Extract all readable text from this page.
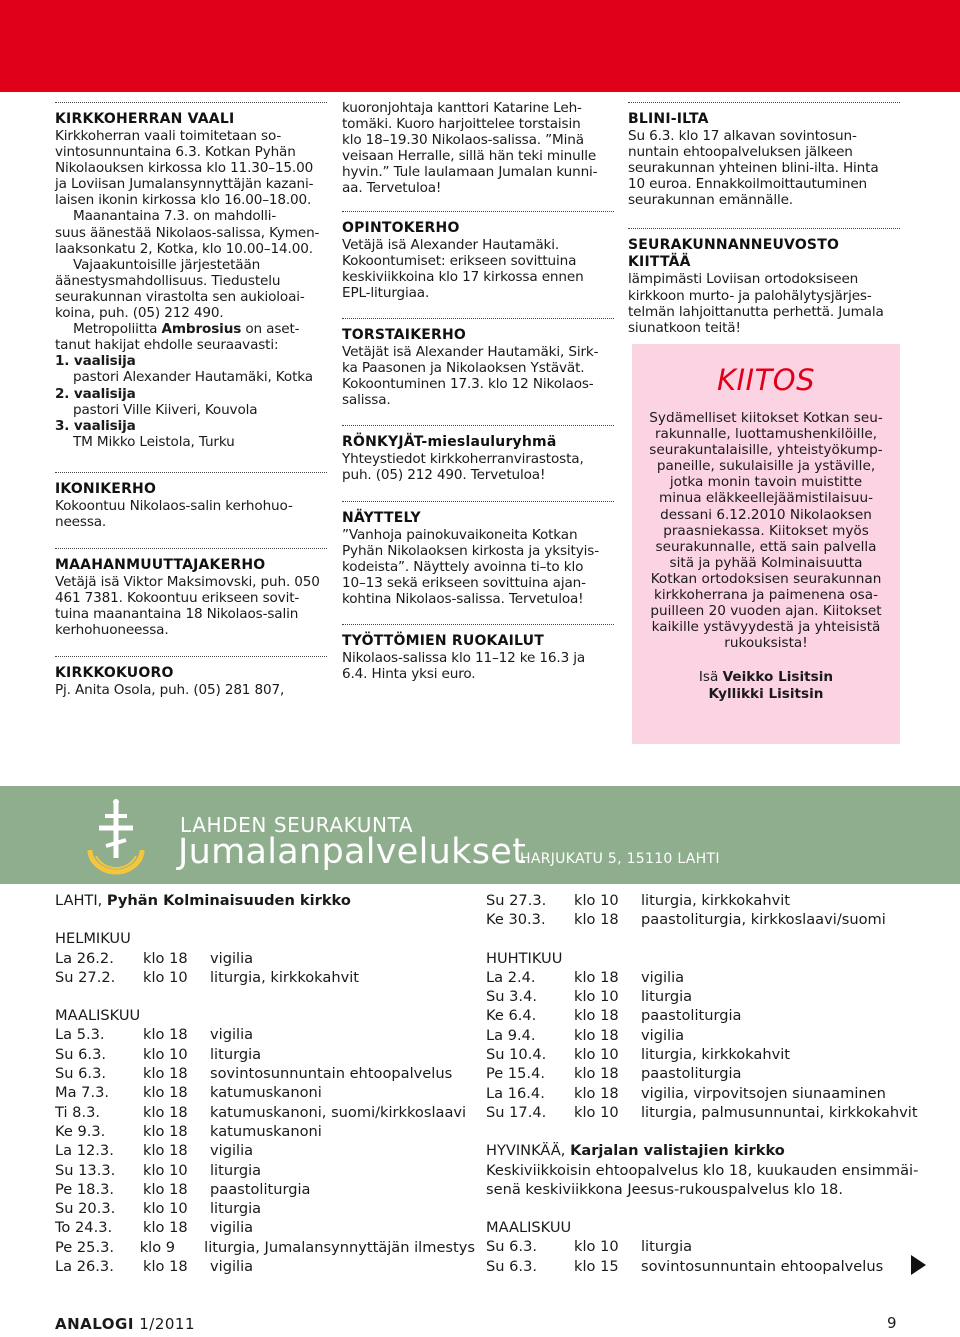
KIRKKOHERRAN VAALI
Kirkkoherran vaali toimitetaan so-
vintosunnuntaina 6.3. Kotkan Pyhän
Nikolaouksen kirkossa klo 11.30–15.00
ja Loviisan Jumalansynnyttäjän kazani-
laisen ikonin kirkossa klo 16.00–18.00.
Maanantaina 7.3. on mahdolli-
suus äänestää Nikolaos-salissa, Kymen-
laaksonkatu 2, Kotka, klo 10.00–14.00.
Vajaakuntoisille järjestetään
äänestysmahdollisuus. Tiedustelu
seurakunnan virastolta sen aukioloai-
koina, puh. (05) 212 490.
Metropoliitta Ambrosius on aset-
tanut hakijat ehdolle seuraavasti:
1. vaalisija
pastori Alexander Hautamäki, Kotka
2. vaalisija
pastori Ville Kiiveri, Kouvola
3. vaalisija
TM Mikko Leistola, Turku
IKONIKERHO
Kokoontuu Nikolaos-salin kerhohuo-
neessa.
MAAHANMUUTTAJAKERHO
Vetäjä isä Viktor Maksimovski, puh. 050
461 7381. Kokoontuu erikseen sovit-
tuina maanantaina 18 Nikolaos-salin
kerhohuoneessa.
KIRKKOKUORO
Pj. Anita Osola, puh. (05) 281 807,
kuoronjohtaja kanttori Katarine Leh-
tomäki. Kuoro harjoittelee torstaisin
klo 18–19.30 Nikolaos-salissa. ”Minä
veisaan Herralle, sillä hän teki minulle
hyvin.” Tule laulamaan Jumalan kunni-
aa. Tervetuloa!
OPINTOKERHO
Vetäjä isä Alexander Hautamäki.
Kokoontumiset: erikseen sovittuina
keskiviikkoina klo 17 kirkossa ennen
EPL-liturgiaa.
TORSTAIKERHO
Vetäjät isä Alexander Hautamäki, Sirk-
ka Paasonen ja Nikolaoksen Ystävät.
Kokoontuminen 17.3. klo 12 Nikolaos-
salissa.
RÖNKYJÄT-mieslauluryhmä
Yhteystiedot kirkkoherranvirastosta,
puh. (05) 212 490. Tervetuloa!
NÄYTTELY
”Vanhoja painokuvaikoneita Kotkan
Pyhän Nikolaoksen kirkosta ja yksityis-
kodeista”. Näyttely avoinna ti–to klo
10–13 sekä erikseen sovittuina ajan-
kohtina Nikolaos-salissa. Tervetuloa!
TYÖTTÖMIEN RUOKAILUT
Nikolaos-salissa klo 11–12 ke 16.3 ja
6.4. Hinta yksi euro.
BLINI-ILTA
Su 6.3. klo 17 alkavan sovintosun-
nuntain ehtoopalveluksen jälkeen
seurakunnan yhteinen blini-ilta. Hinta
10 euroa. Ennakkoilmoittautuminen
seurakunnan emännälle.
SEURAKUNNANNEUVOSTO KIITTÄÄ
lämpimästi Loviisan ortodoksiseen
kirkkoon murto- ja palohälytysjärjes-
telmän lahjoittanutta perhettä. Jumala
siunatkoon teitä!
KIITOS
Sydämelliset kiitokset Kotkan seu-
rakunnalle, luottamushenkilöille,
seurakuntalaisille, yhteistyökump-
paneille, sukulaisille ja ystäville,
jotka monin tavoin muistitte
minua eläkkeellejäämistilaisuu-
dessani 6.12.2010 Nikolaoksen
praasniekassa. Kiitokset myös
seurakunnalle, että sain palvella
sitä ja pyhää Kolminaisuutta
Kotkan ortodoksisen seurakunnan
kirkkoherrana ja paimenena osa-
puilleen 20 vuoden ajan. Kiitokset
kaikille ystävyydestä ja yhteisistä
rukouksista!
Isä Veikko Lisitsin
Kyllikki Lisitsin
LAHDEN SEURAKUNTA
Jumalanpalvelukset
HARJUKATU 5, 15110 LAHTI
LAHTI, Pyhän Kolminaisuuden kirkko
HELMIKUU
La 26.2.	klo 18	vigilia
Su 27.2.	klo 10	liturgia, kirkkokahvit
MAALISKUU
La 5.3.	klo 18	vigilia
Su 6.3.	klo 10	liturgia
Su 6.3.	klo 18	sovintosunnuntain ehtoopalvelus
Ma 7.3.	klo 18	katumuskanoni
Ti 8.3.	klo 18	katumuskanoni, suomi/kirkkoslaavi
Ke 9.3.	klo 18	katumuskanoni
La 12.3.	klo 18	vigilia
Su 13.3.	klo 10	liturgia
Pe 18.3.	klo 18	paastoliturgia
Su 20.3.	klo 10	liturgia
To 24.3.	klo 18	vigilia
Pe 25.3.	klo 9	liturgia, Jumalansynnyttäjän ilmestys
La 26.3.	klo 18	vigilia
Su 27.3.	klo 10	liturgia, kirkkokahvit
Ke 30.3.	klo 18	paastoliturgia, kirkkoslaavi/suomi
HUHTIKUU
La 2.4.	klo 18	vigilia
Su 3.4.	klo 10	liturgia
Ke 6.4.	klo 18	paastoliturgia
La 9.4.	klo 18	vigilia
Su 10.4.	klo 10	liturgia, kirkkokahvit
Pe 15.4.	klo 18	paastoliturgia
La 16.4.	klo 18	vigilia, virpovitsojen siunaaminen
Su 17.4.	klo 10	liturgia, palmusunnuntai, kirkkokahvit
HYVINKÄÄ, Karjalan valistajien kirkko
Keskiviikkoisin ehtoopalvelus klo 18, kuukauden ensimmäi-
senä keskiviikkona Jeesus-rukouspalvelus klo 18.
MAALISKUU
Su 6.3.	klo 10	liturgia
Su 6.3.	klo 15	sovintosunnuntain ehtoopalvelus
ANALOGI 1/2011	9
